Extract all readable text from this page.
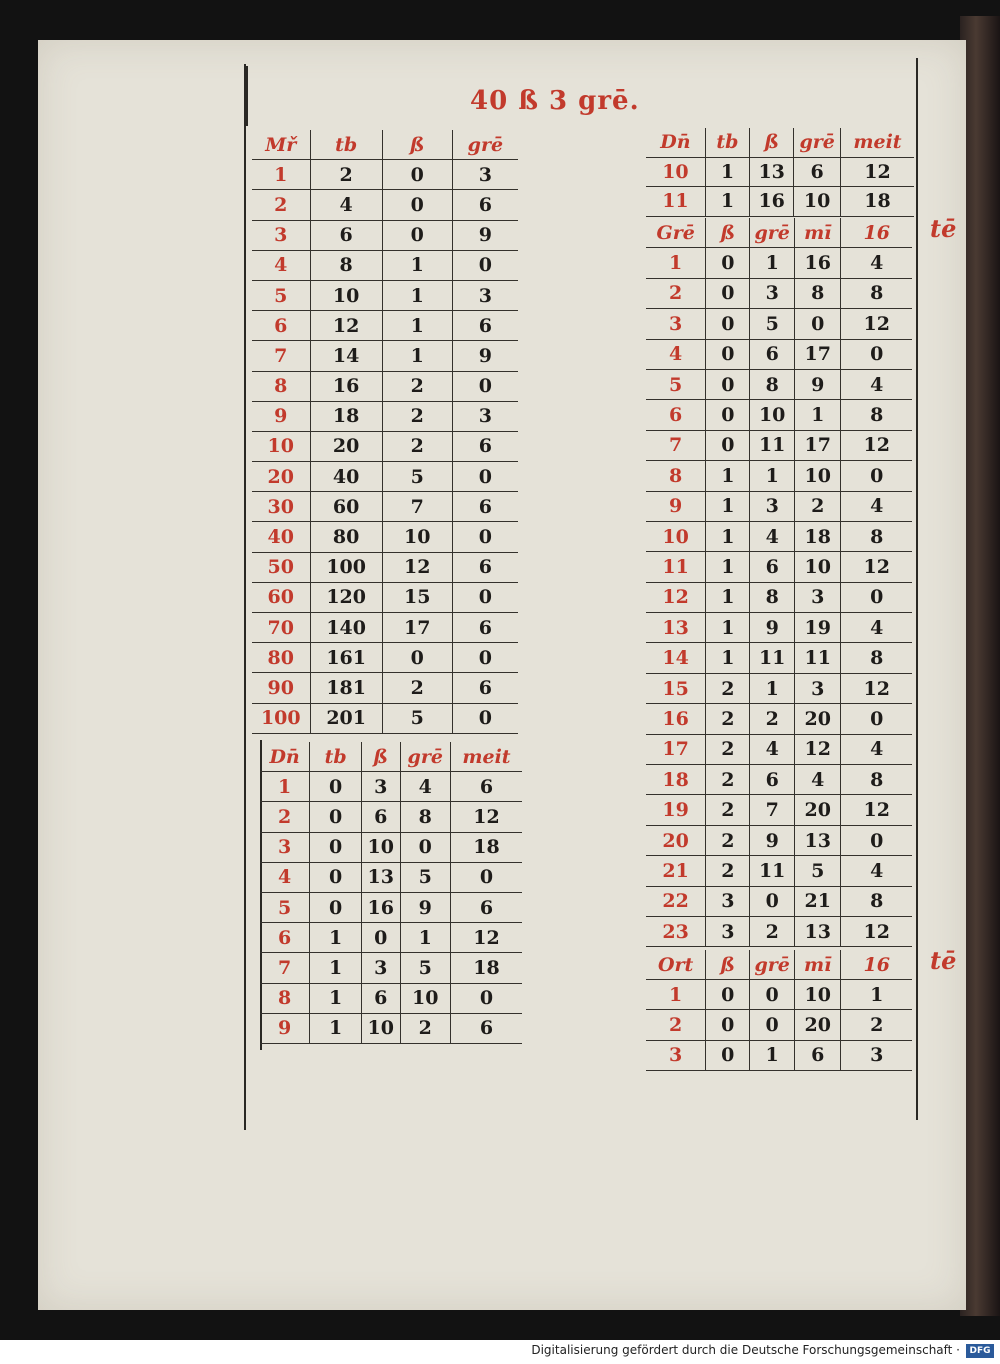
40 ß 3 grē.
tē
tē
Mř	tb	ß	grē
1	2	0	3
2	4	0	6
3	6	0	9
4	8	1	0
5	10	1	3
6	12	1	6
7	14	1	9
8	16	2	0
9	18	2	3
10	20	2	6
20	40	5	0
30	60	7	6
40	80	10	0
50	100	12	6
60	120	15	0
70	140	17	6
80	161	0	0
90	181	2	6
100	201	5	0
Dn̄	tb	ß	grē	meit
1	0	3	4	6
2	0	6	8	12
3	0	10	0	18
4	0	13	5	0
5	0	16	9	6
6	1	0	1	12
7	1	3	5	18
8	1	6	10	0
9	1	10	2	6
Dn̄	tb	ß	grē	meit
10	1	13	6	12
11	1	16	10	18
Grē	ß	grē	mī	16
1	0	1	16	4
2	0	3	8	8
3	0	5	0	12
4	0	6	17	0
5	0	8	9	4
6	0	10	1	8
7	0	11	17	12
8	1	1	10	0
9	1	3	2	4
10	1	4	18	8
11	1	6	10	12
12	1	8	3	0
13	1	9	19	4
14	1	11	11	8
15	2	1	3	12
16	2	2	20	0
17	2	4	12	4
18	2	6	4	8
19	2	7	20	12
20	2	9	13	0
21	2	11	5	4
22	3	0	21	8
23	3	2	13	12
Ort	ß	grē	mī	16
1	0	0	10	1
2	0	0	20	2
3	0	1	6	3
Digitalisierung gefördert durch die Deutsche Forschungsgemeinschaft ·	DFG
